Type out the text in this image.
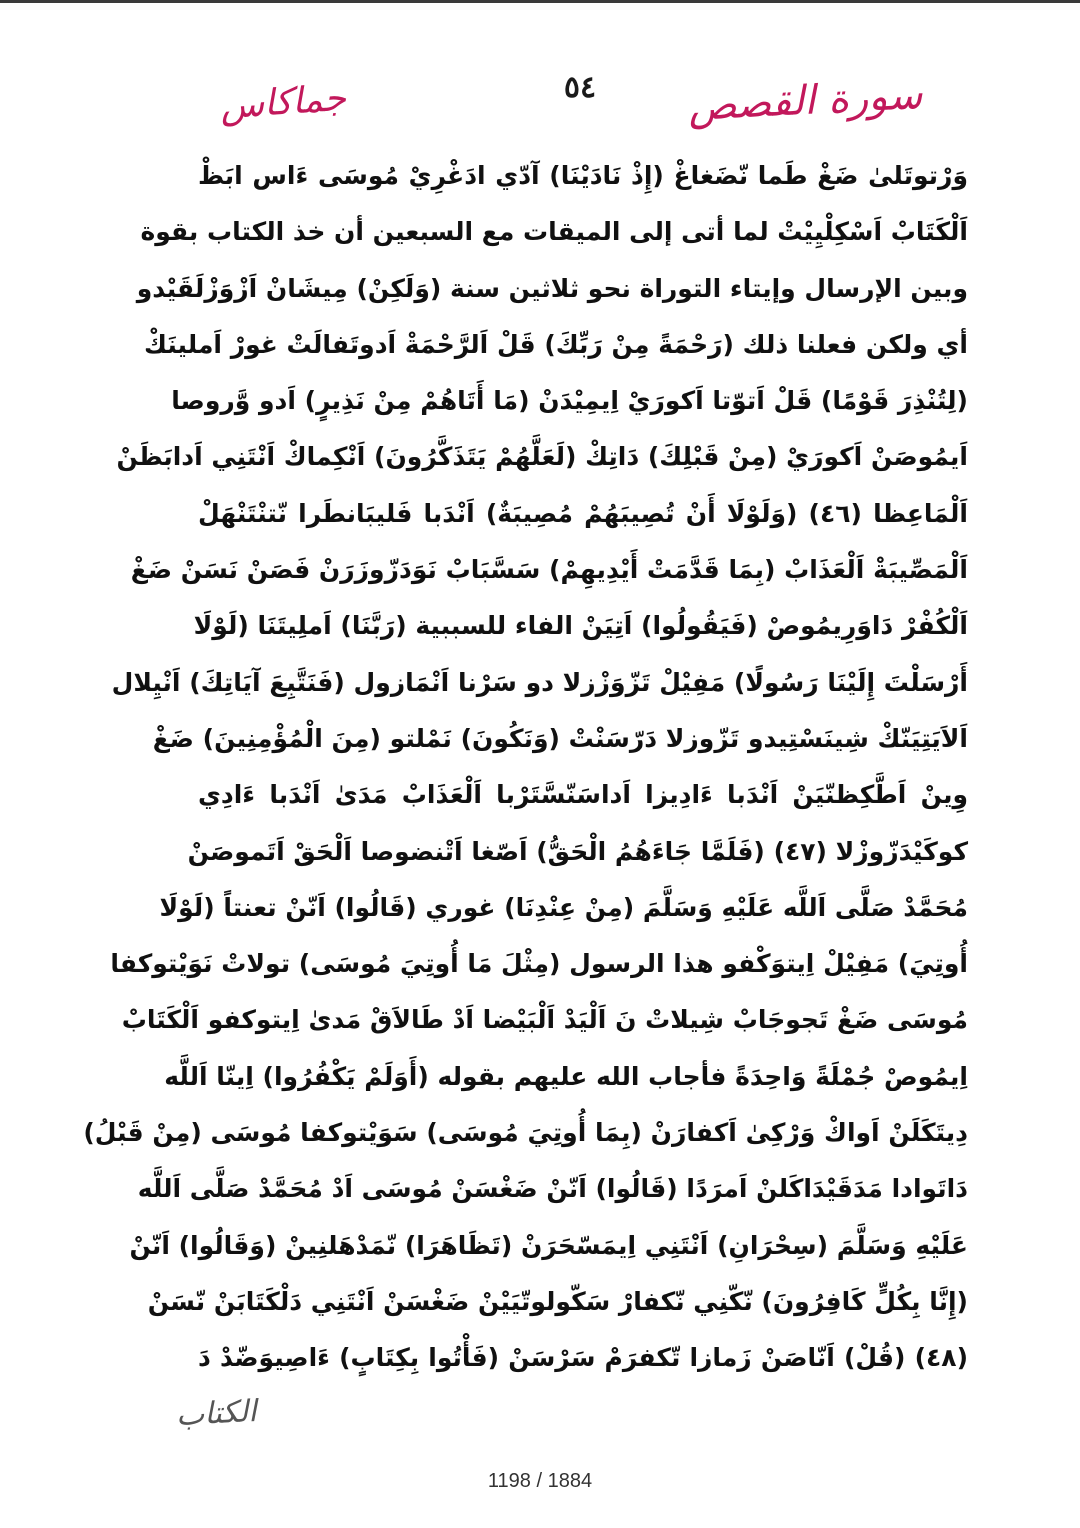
سورة القصص
٥٤
جماكاس
وَرْتوتَلىٰ ضَغْ طَما نّضَغاغْ (إِذْ نَادَيْنَا) آدّي ادَغْرِيْ مُوسَى ءَاس ابَظْ
اَلْكَتَابْ اَسْكِلْيِيْتْ لما أتى إلى الميقات مع السبعين أن خذ الكتاب بقوة
وبين الإرسال وإيتاء التوراة نحو ثلاثين سنة (وَلَكِنْ) مِيشَانْ اَزْوَزْلَقَيْدو
أي ولكن فعلنا ذلك (رَحْمَةً مِنْ رَبِّكَ) قَلْ اَلرَّحْمَةْ اَدوتَفالَتْ غورْ اَملينَكْ
(لِتُنْذِرَ قَوْمًا) قَلْ اَتوّتا اَكورَيْ اِيمِيْدَنْ (مَا أَتَاهُمْ مِنْ نَذِيرٍ) اَدو وَّروصا
اَيمُوصَنْ اَكورَيْ (مِنْ قَبْلِكَ) دَاتِكْ (لَعَلَّهُمْ يَتَذَكَّرُونَ) اَنْكِماكْ اَنْتَنِي اَدابَظَنْ
اَلْمَاعِظا (٤٦) (وَلَوْلَا أَنْ تُصِيبَهُمْ مُصِيبَةٌ) اَنْدَبا فَليبَانطَرا نّتنْتَنْهَلْ
اَلْمَصِّيبَةْ اَلْعَذَابْ (بِمَا قَدَّمَتْ أَيْدِيهِمْ) سَسَّبَابْ نَوَدَزّوزَرَنْ فَصَنْ نَسَنْ ضَغْ
اَلْكُفْرْ دَاوَرِيمُوصْ (فَيَقُولُوا) اَتِيَنْ الفاء للسببية (رَبَّنَا) اَملِيتَنَا (لَوْلَا
أَرْسَلْتَ إِلَيْنَا رَسُولًا) مَفِيْلْ تَزّوَزْزلا دو سَرْنا اَنْمَازول (فَنَتَّبِعَ آيَاتِكَ) اَنْيِلال
اَلاَيَتِيَنّكْ شِينَسْتِيدو تَزّوزلا دَرّسَنْتْ (وَنَكُونَ) نَمْلتو (مِنَ الْمُؤْمِنِينَ) ضَغْ
وِينْ اَطَّكِظنّيَنْ اَنْدَبا ءَادِيزا اَداسَنّسَّتَرْبا اَلْعَذَابْ مَدَىٰ اَنْدَبا ءَادِي
كوكَيْدَزّوزْلا (٤٧) (فَلَمَّا جَاءَهُمُ الْحَقُّ) اَصّغا اَتْنضوصا اَلْحَقْ اَتَموصَنْ
مُحَمَّدْ صَلَّى اَللَّه عَلَيْهِ وَسَلَّمَ (مِنْ عِنْدِنَا) غوري (قَالُوا) اَنّنْ تعنتاً (لَوْلَا
أُوتِيَ) مَفِيْلْ اِيتوَكْفو هذا الرسول (مِثْلَ مَا أُوتِيَ مُوسَى) تولاتْ نَوَيْتوكفا
مُوسَى ضَغْ تَجوجَابْ شِيلاتْ نَ اَلْيَدْ اَلْبَيْضا اَدْ طَالاَقْ مَدىٰ اِيتوكفو اَلْكَتَابْ
اِيمُوصْ جُمْلَةً وَاحِدَةً فأجاب الله عليهم بقوله (أَوَلَمْ يَكْفُرُوا) اِينّا اَللَّه
دِيتَكَلَنْ اَواكْ وَرْكِىٰ اَكفارَنْ (بِمَا أُوتِيَ مُوسَى) سَوَيْتوكفا مُوسَى (مِنْ قَبْلُ)
دَاتَوادا مَدَقَيْدَاكَلنْ اَمرَدًا (قَالُوا) اَنّنْ ضَغْسَنْ مُوسَى اَدْ مُحَمَّدْ صَلَّى اَللَّه
عَلَيْهِ وَسَلَّمَ (سِحْرَانِ) اَنْتَنِي اِيمَسّحَرَنْ (تَظَاهَرَا) نّمَدْهَلنِينْ (وَقَالُوا) اَنّنْ
(إِنَّا بِكُلٍّ كَافِرُونَ) نّكّنِي نّكفارْ سَكّولوتّيَيْنْ ضَغْسَنْ اَنْتَنِي دَلْكَتَابَنْ نّسَنْ
(٤٨) (قُلْ) اَنّاصَنْ زَمازا تّكفرَمْ سَرْسَنْ (فَأْتُوا بِكِتَابٍ) ءَاصِيوَضّدْ دَ
الكتاب
1198 / 1884
